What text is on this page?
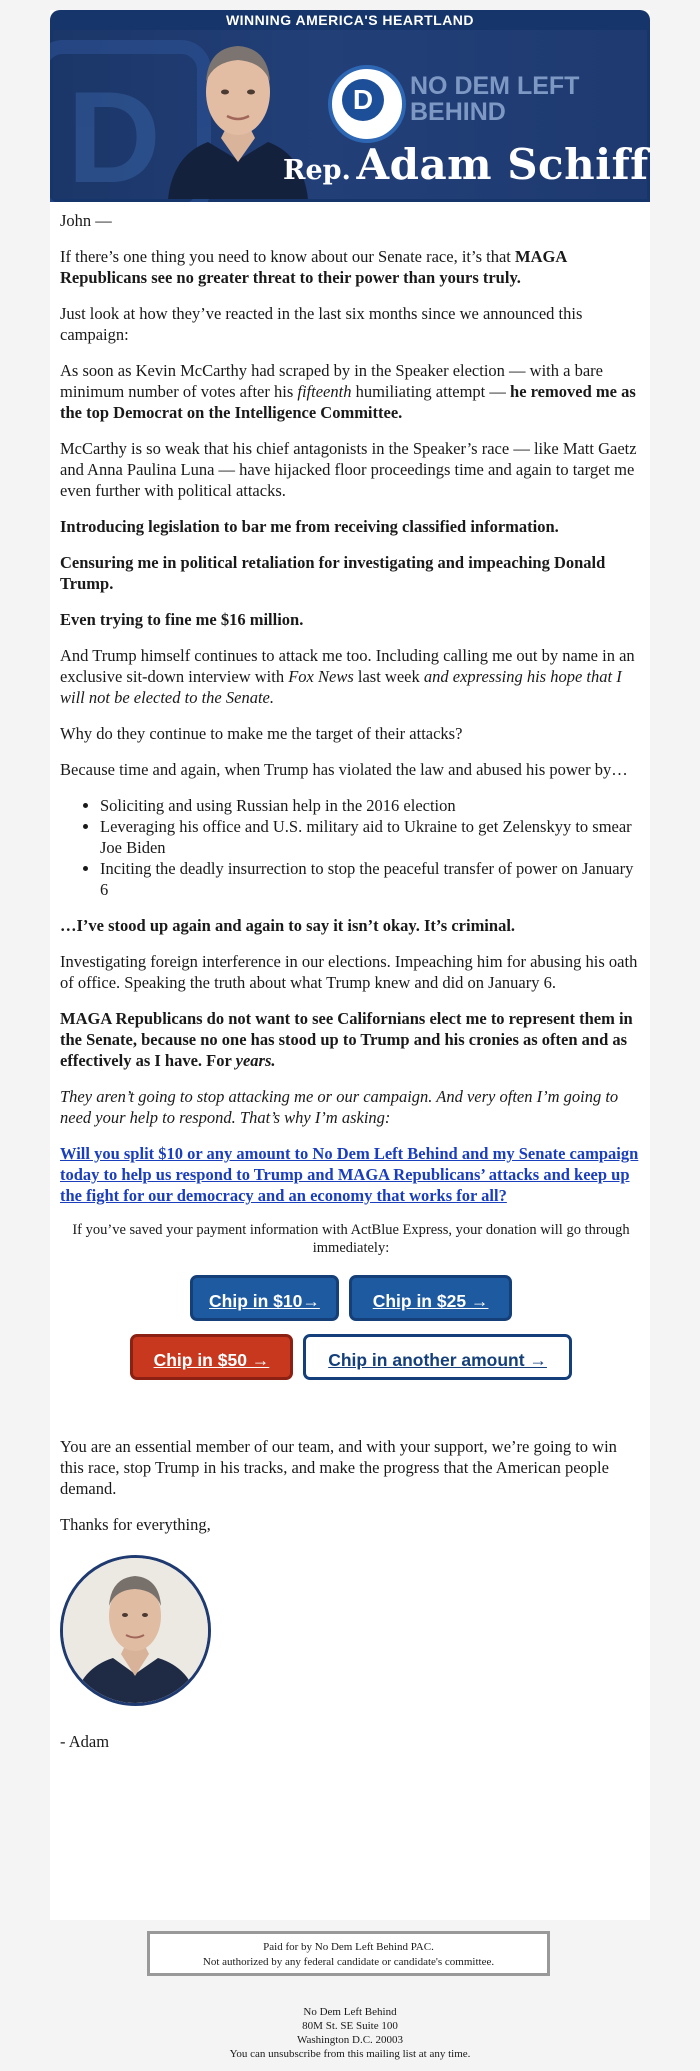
WINNING AMERICA'S HEARTLAND
D	D	NO DEM LEFT BEHIND
Rep. Adam Schiff

John —

If there’s one thing you need to know about our Senate race, it’s that MAGA Republicans see no greater threat to their power than yours truly.

Just look at how they’ve reacted in the last six months since we announced this campaign:

As soon as Kevin McCarthy had scraped by in the Speaker election — with a bare minimum number of votes after his fifteenth humiliating attempt — he removed me as the top Democrat on the Intelligence Committee.

McCarthy is so weak that his chief antagonists in the Speaker’s race — like Matt Gaetz and Anna Paulina Luna — have hijacked floor proceedings time and again to target me even further with political attacks.

Introducing legislation to bar me from receiving classified information.

Censuring me in political retaliation for investigating and impeaching Donald Trump.

Even trying to fine me $16 million.

And Trump himself continues to attack me too. Including calling me out by name in an exclusive sit-down interview with Fox News last week and expressing his hope that I will not be elected to the Senate.

Why do they continue to make me the target of their attacks?

Because time and again, when Trump has violated the law and abused his power by…

• Soliciting and using Russian help in the 2016 election
• Leveraging his office and U.S. military aid to Ukraine to get Zelenskyy to smear Joe Biden
• Inciting the deadly insurrection to stop the peaceful transfer of power on January 6

…I’ve stood up again and again to say it isn’t okay. It’s criminal.

Investigating foreign interference in our elections. Impeaching him for abusing his oath of office. Speaking the truth about what Trump knew and did on January 6.

MAGA Republicans do not want to see Californians elect me to represent them in the Senate, because no one has stood up to Trump and his cronies as often and as effectively as I have. For years.

They aren’t going to stop attacking me or our campaign. And very often I’m going to need your help to respond. That’s why I’m asking:

Will you split $10 or any amount to No Dem Left Behind and my Senate campaign today to help us respond to Trump and MAGA Republicans’ attacks and keep up the fight for our democracy and an economy that works for all?

If you’ve saved your payment information with ActBlue Express, your donation will go through immediately:

Chip in $10→	Chip in $25 →
Chip in $50 →	Chip in another amount →

You are an essential member of our team, and with your support, we’re going to win this race, stop Trump in his tracks, and make the progress that the American people demand.

Thanks for everything,

- Adam

Paid for by No Dem Left Behind PAC.
Not authorized by any federal candidate or candidate's committee.
No Dem Left Behind
80M St. SE Suite 100
Washington D.C. 20003
You can unsubscribe from this mailing list at any time.
